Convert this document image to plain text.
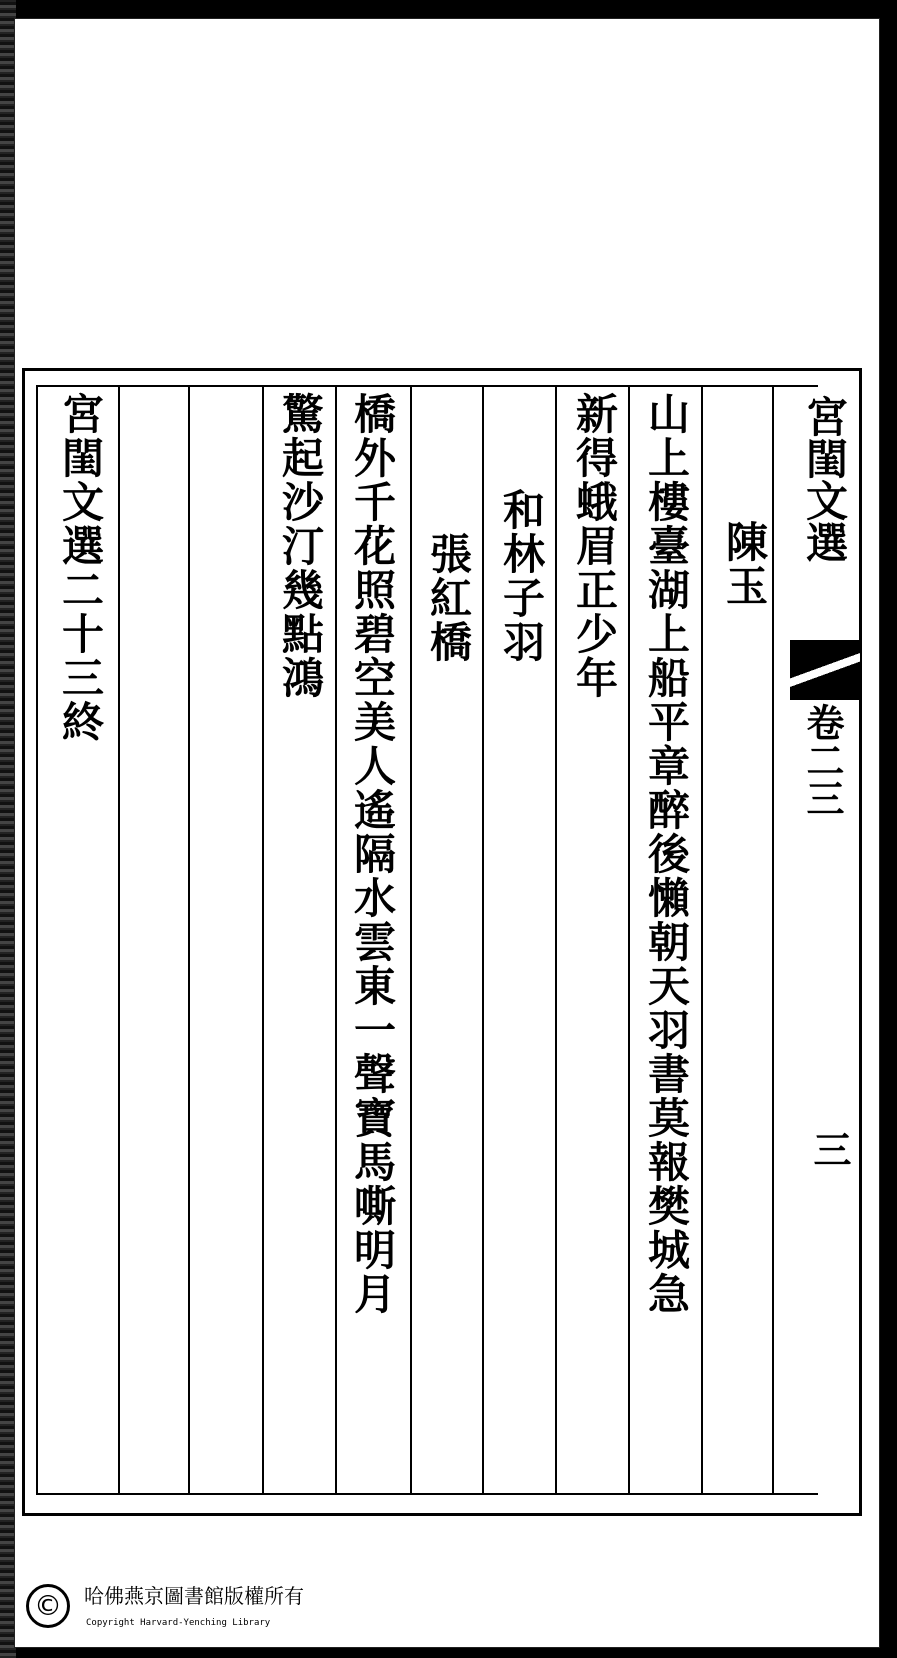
陳玉
山上樓臺湖上船平章醉後懶朝天羽書莫報樊城急
新得蛾眉正少年
和林子羽
張紅橋
橋外千花照碧空美人遙隔水雲東一聲寶馬嘶明月
驚起沙汀幾點鴻
宮閨文選二十三終	宮閨文選
卷二三
三
©	哈佛燕京圖書館版權所有
Copyright Harvard-Yenching Library
